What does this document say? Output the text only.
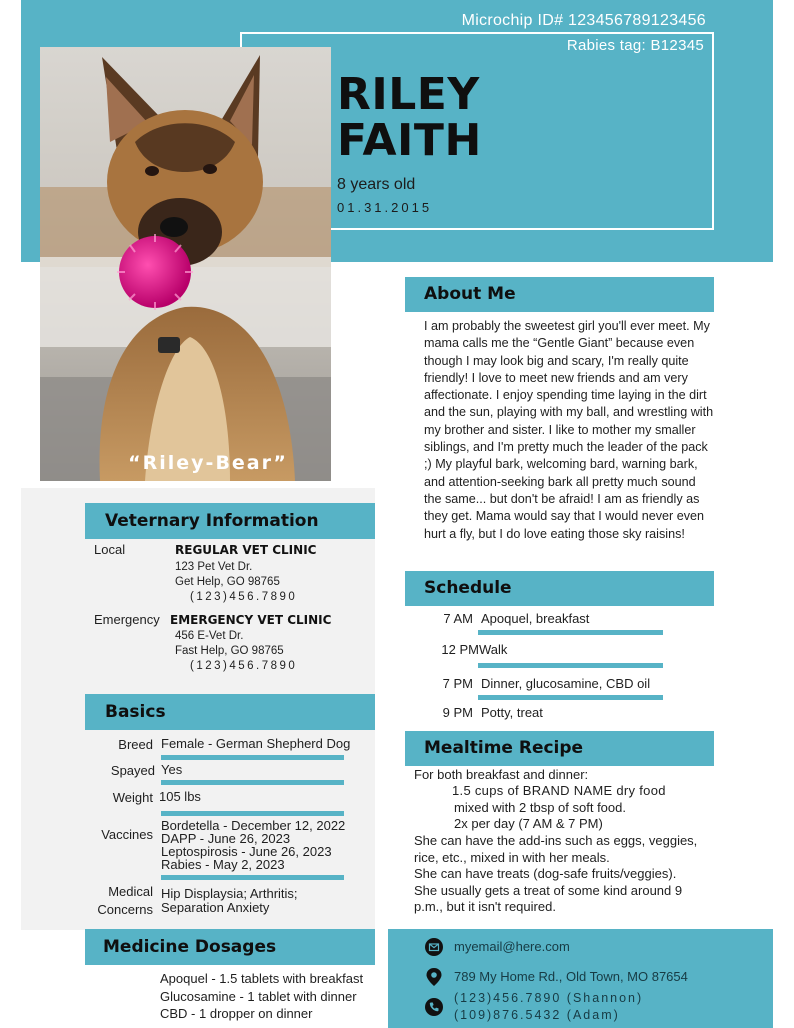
Microchip ID# 123456789123456
Rabies tag: B12345
“Riley-Bear”
RILEY
FAITH
8 years old
01.31.2015
Veternary Information
Local	REGULAR VET CLINIC
123 Pet Vet Dr.
Get Help, GO 98765
(123)456.7890
Emergency EMERGENCY VET CLINIC
456 E-Vet Dr.
Fast Help, GO 98765
(123)456.7890
Basics
Breed Female - German Shepherd Dog
Spayed Yes
Weight 105 lbs
Vaccines
Bordetella - December 12, 2022
DAPP - June 26, 2023
Leptospirosis - June 26, 2023
Rabies - May 2, 2023
Medical
Concerns
Hip Displaysia; Arthritis;
Separation Anxiety
Medicine Dosages
Apoquel - 1.5 tablets with breakfast
Glucosamine - 1 tablet with dinner
CBD - 1 dropper on dinner
About Me
I am probably the sweetest girl you'll ever meet. My mama calls me the “Gentle Giant” because even though I may look big and scary, I'm really quite friendly! I love to meet new friends and am very affectionate. I enjoy spending time laying in the dirt and the sun, playing with my ball, and wrestling with my brother and sister. I like to mother my smaller siblings, and I'm pretty much the leader of the pack ;) My playful bark, welcoming bard, warning bark, and attention-seeking bark all pretty much sound the same... but don't be afraid! I am as friendly as they get. Mama would say that I would never even hurt a fly, but I do love eating those sky raisins!
Schedule
7 AM Apoquel, breakfast
12 PM Walk
7 PM Dinner, glucosamine, CBD oil
9 PM Potty, treat
Mealtime Recipe
For both breakfast and dinner:
1.5 cups of BRAND NAME dry food
mixed with 2 tbsp of soft food.
2x per day (7 AM & 7 PM)
She can have the add-ins such as eggs, veggies,
rice, etc., mixed in with her meals.
She can have treats (dog-safe fruits/veggies).
She usually gets a treat of some kind around 9
p.m., but it isn't required.
myemail@here.com
789 My Home Rd., Old Town, MO 87654
(123)456.7890 (Shannon)
(109)876.5432 (Adam)
